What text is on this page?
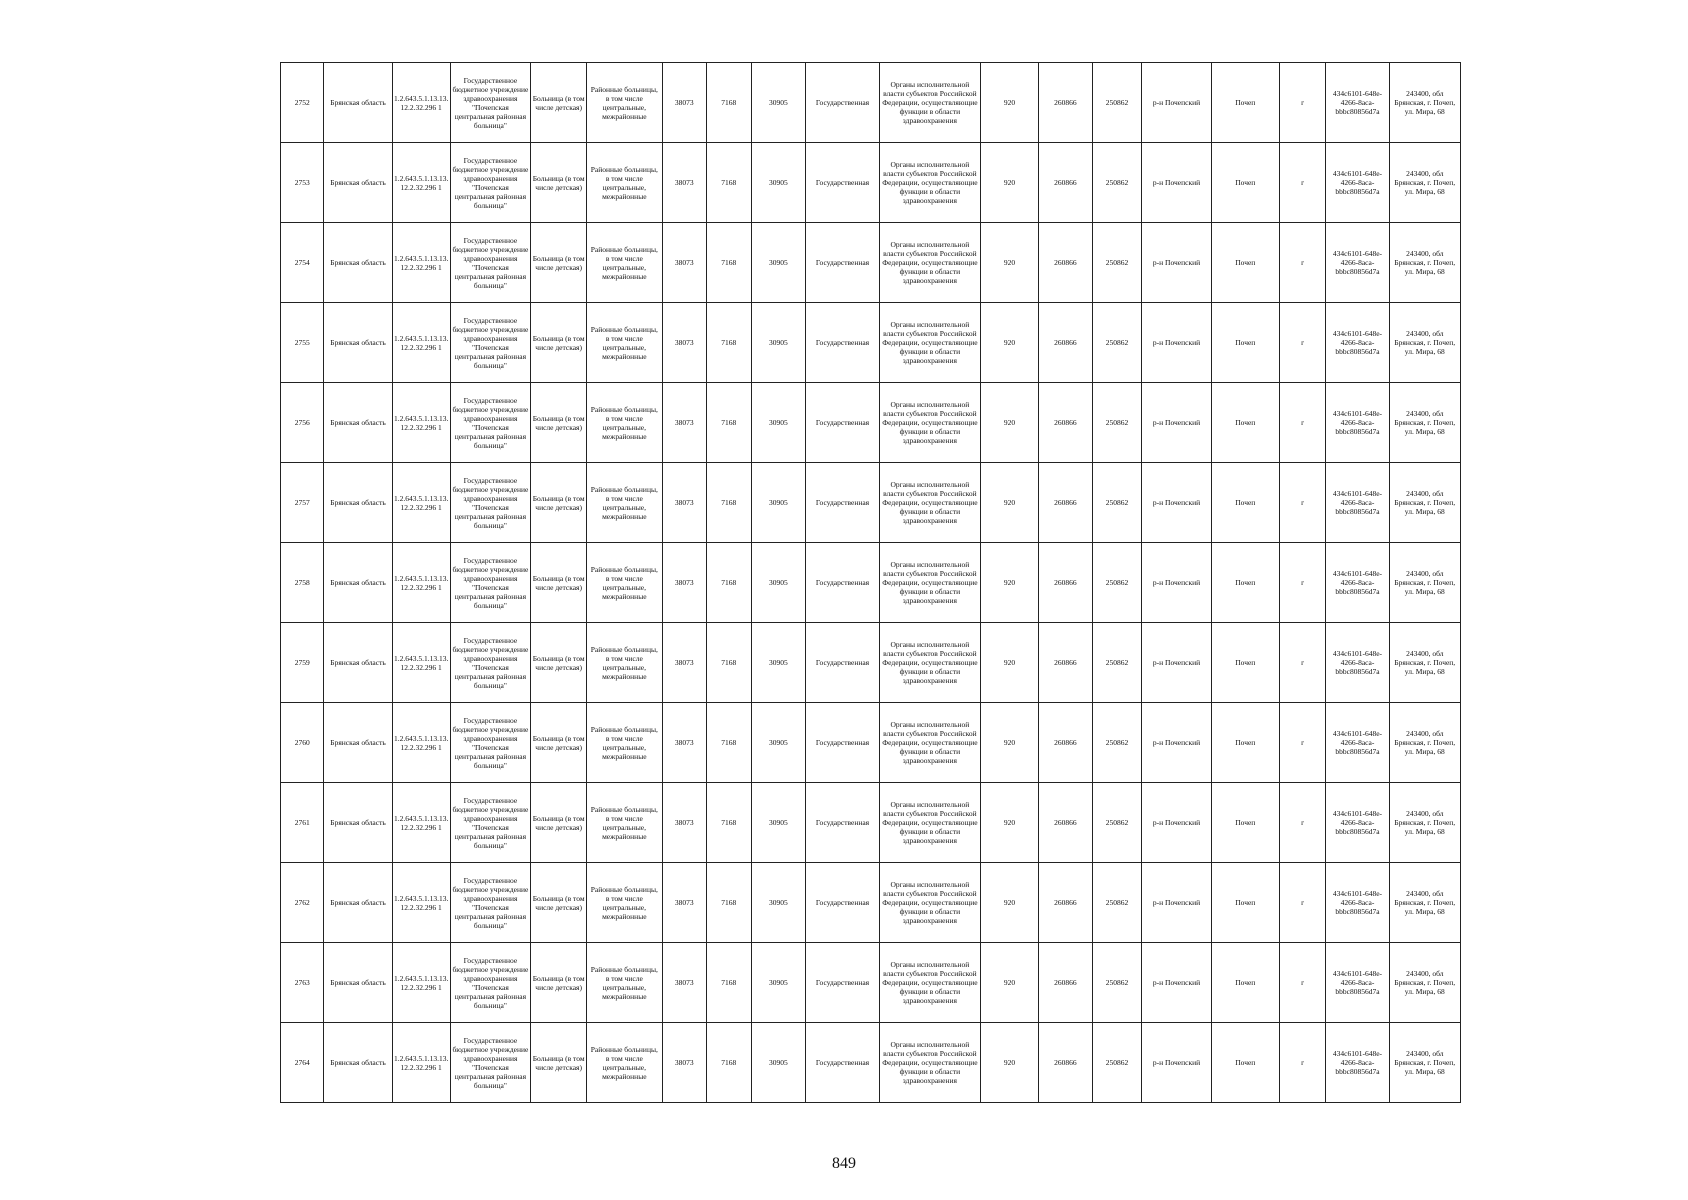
2752	Брянская область	1.2.643.5.1.13.13.12.2.32.296 1	Государственное бюджетное учреждение здравоохранения "Почепская центральная районная больница"	Больница (в том числе детская)	Районные больницы, в том числе центральные, межрайонные	38073	7168	30905	Государственная	Органы исполнительной власти субъектов Российской Федерации, осуществляющие функции в области здравоохранения	920	260866	250862	р-н Почепский	Почеп	г	434c6101-648e-4266-8aca-bbbc80856d7a	243400, обл Брянская, г. Почеп, ул. Мира, 68
2753	Брянская область	1.2.643.5.1.13.13.12.2.32.296 1	Государственное бюджетное учреждение здравоохранения "Почепская центральная районная больница"	Больница (в том числе детская)	Районные больницы, в том числе центральные, межрайонные	38073	7168	30905	Государственная	Органы исполнительной власти субъектов Российской Федерации, осуществляющие функции в области здравоохранения	920	260866	250862	р-н Почепский	Почеп	г	434c6101-648e-4266-8aca-bbbc80856d7a	243400, обл Брянская, г. Почеп, ул. Мира, 68
2754	Брянская область	1.2.643.5.1.13.13.12.2.32.296 1	Государственное бюджетное учреждение здравоохранения "Почепская центральная районная больница"	Больница (в том числе детская)	Районные больницы, в том числе центральные, межрайонные	38073	7168	30905	Государственная	Органы исполнительной власти субъектов Российской Федерации, осуществляющие функции в области здравоохранения	920	260866	250862	р-н Почепский	Почеп	г	434c6101-648e-4266-8aca-bbbc80856d7a	243400, обл Брянская, г. Почеп, ул. Мира, 68
2755	Брянская область	1.2.643.5.1.13.13.12.2.32.296 1	Государственное бюджетное учреждение здравоохранения "Почепская центральная районная больница"	Больница (в том числе детская)	Районные больницы, в том числе центральные, межрайонные	38073	7168	30905	Государственная	Органы исполнительной власти субъектов Российской Федерации, осуществляющие функции в области здравоохранения	920	260866	250862	р-н Почепский	Почеп	г	434c6101-648e-4266-8aca-bbbc80856d7a	243400, обл Брянская, г. Почеп, ул. Мира, 68
2756	Брянская область	1.2.643.5.1.13.13.12.2.32.296 1	Государственное бюджетное учреждение здравоохранения "Почепская центральная районная больница"	Больница (в том числе детская)	Районные больницы, в том числе центральные, межрайонные	38073	7168	30905	Государственная	Органы исполнительной власти субъектов Российской Федерации, осуществляющие функции в области здравоохранения	920	260866	250862	р-н Почепский	Почеп	г	434c6101-648e-4266-8aca-bbbc80856d7a	243400, обл Брянская, г. Почеп, ул. Мира, 68
2757	Брянская область	1.2.643.5.1.13.13.12.2.32.296 1	Государственное бюджетное учреждение здравоохранения "Почепская центральная районная больница"	Больница (в том числе детская)	Районные больницы, в том числе центральные, межрайонные	38073	7168	30905	Государственная	Органы исполнительной власти субъектов Российской Федерации, осуществляющие функции в области здравоохранения	920	260866	250862	р-н Почепский	Почеп	г	434c6101-648e-4266-8aca-bbbc80856d7a	243400, обл Брянская, г. Почеп, ул. Мира, 68
2758	Брянская область	1.2.643.5.1.13.13.12.2.32.296 1	Государственное бюджетное учреждение здравоохранения "Почепская центральная районная больница"	Больница (в том числе детская)	Районные больницы, в том числе центральные, межрайонные	38073	7168	30905	Государственная	Органы исполнительной власти субъектов Российской Федерации, осуществляющие функции в области здравоохранения	920	260866	250862	р-н Почепский	Почеп	г	434c6101-648e-4266-8aca-bbbc80856d7a	243400, обл Брянская, г. Почеп, ул. Мира, 68
2759	Брянская область	1.2.643.5.1.13.13.12.2.32.296 1	Государственное бюджетное учреждение здравоохранения "Почепская центральная районная больница"	Больница (в том числе детская)	Районные больницы, в том числе центральные, межрайонные	38073	7168	30905	Государственная	Органы исполнительной власти субъектов Российской Федерации, осуществляющие функции в области здравоохранения	920	260866	250862	р-н Почепский	Почеп	г	434c6101-648e-4266-8aca-bbbc80856d7a	243400, обл Брянская, г. Почеп, ул. Мира, 68
2760	Брянская область	1.2.643.5.1.13.13.12.2.32.296 1	Государственное бюджетное учреждение здравоохранения "Почепская центральная районная больница"	Больница (в том числе детская)	Районные больницы, в том числе центральные, межрайонные	38073	7168	30905	Государственная	Органы исполнительной власти субъектов Российской Федерации, осуществляющие функции в области здравоохранения	920	260866	250862	р-н Почепский	Почеп	г	434c6101-648e-4266-8aca-bbbc80856d7a	243400, обл Брянская, г. Почеп, ул. Мира, 68
2761	Брянская область	1.2.643.5.1.13.13.12.2.32.296 1	Государственное бюджетное учреждение здравоохранения "Почепская центральная районная больница"	Больница (в том числе детская)	Районные больницы, в том числе центральные, межрайонные	38073	7168	30905	Государственная	Органы исполнительной власти субъектов Российской Федерации, осуществляющие функции в области здравоохранения	920	260866	250862	р-н Почепский	Почеп	г	434c6101-648e-4266-8aca-bbbc80856d7a	243400, обл Брянская, г. Почеп, ул. Мира, 68
2762	Брянская область	1.2.643.5.1.13.13.12.2.32.296 1	Государственное бюджетное учреждение здравоохранения "Почепская центральная районная больница"	Больница (в том числе детская)	Районные больницы, в том числе центральные, межрайонные	38073	7168	30905	Государственная	Органы исполнительной власти субъектов Российской Федерации, осуществляющие функции в области здравоохранения	920	260866	250862	р-н Почепский	Почеп	г	434c6101-648e-4266-8aca-bbbc80856d7a	243400, обл Брянская, г. Почеп, ул. Мира, 68
2763	Брянская область	1.2.643.5.1.13.13.12.2.32.296 1	Государственное бюджетное учреждение здравоохранения "Почепская центральная районная больница"	Больница (в том числе детская)	Районные больницы, в том числе центральные, межрайонные	38073	7168	30905	Государственная	Органы исполнительной власти субъектов Российской Федерации, осуществляющие функции в области здравоохранения	920	260866	250862	р-н Почепский	Почеп	г	434c6101-648e-4266-8aca-bbbc80856d7a	243400, обл Брянская, г. Почеп, ул. Мира, 68
2764	Брянская область	1.2.643.5.1.13.13.12.2.32.296 1	Государственное бюджетное учреждение здравоохранения "Почепская центральная районная больница"	Больница (в том числе детская)	Районные больницы, в том числе центральные, межрайонные	38073	7168	30905	Государственная	Органы исполнительной власти субъектов Российской Федерации, осуществляющие функции в области здравоохранения	920	260866	250862	р-н Почепский	Почеп	г	434c6101-648e-4266-8aca-bbbc80856d7a	243400, обл Брянская, г. Почеп, ул. Мира, 68
849
